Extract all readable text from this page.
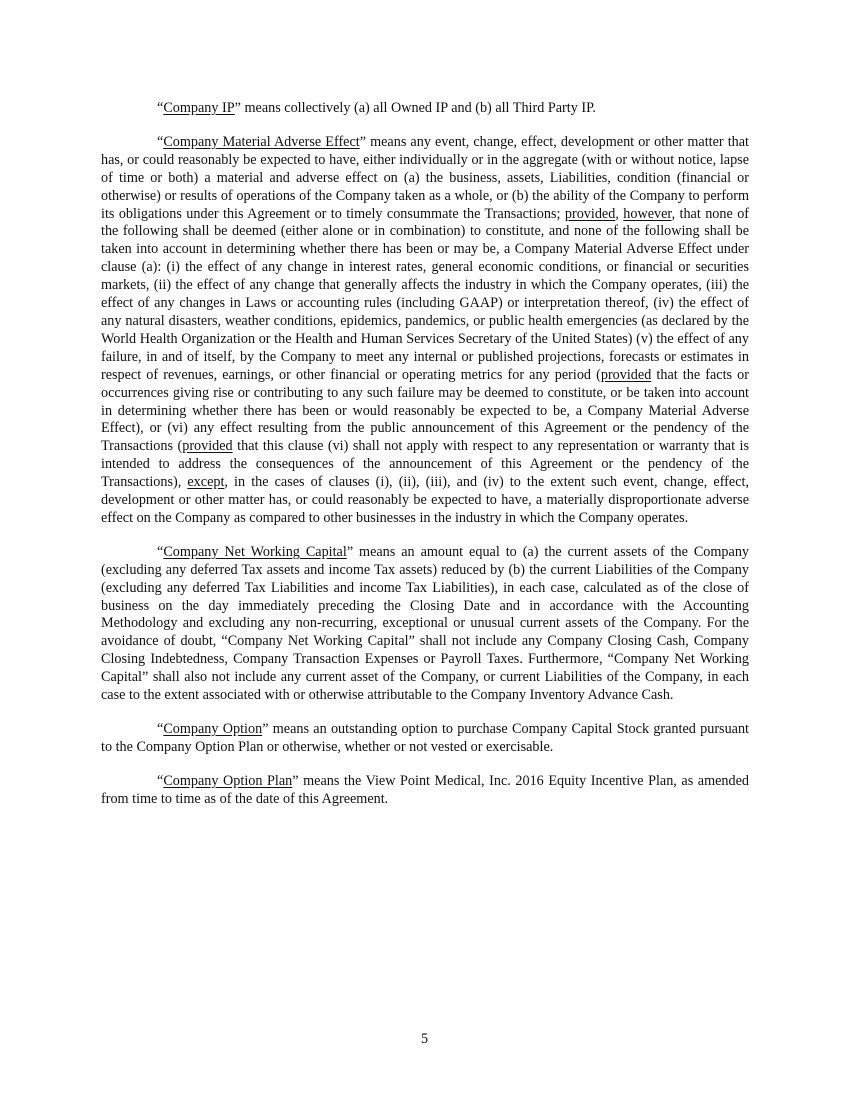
“Company IP” means collectively (a) all Owned IP and (b) all Third Party IP.

“Company Material Adverse Effect” means any event, change, effect, development or other matter that has, or could reasonably be expected to have, either individually or in the aggregate (with or without notice, lapse of time or both) a material and adverse effect on (a) the business, assets, Liabilities, condition (financial or otherwise) or results of operations of the Company taken as a whole, or (b) the ability of the Company to perform its obligations under this Agreement or to timely consummate the Transactions; provided, however, that none of the following shall be deemed (either alone or in combination) to constitute, and none of the following shall be taken into account in determining whether there has been or may be, a Company Material Adverse Effect under clause (a): (i) the effect of any change in interest rates, general economic conditions, or financial or securities markets, (ii) the effect of any change that generally affects the industry in which the Company operates, (iii) the effect of any changes in Laws or accounting rules (including GAAP) or interpretation thereof, (iv) the effect of any natural disasters, weather conditions, epidemics, pandemics, or public health emergencies (as declared by the World Health Organization or the Health and Human Services Secretary of the United States) (v) the effect of any failure, in and of itself, by the Company to meet any internal or published projections, forecasts or estimates in respect of revenues, earnings, or other financial or operating metrics for any period (provided that the facts or occurrences giving rise or contributing to any such failure may be deemed to constitute, or be taken into account in determining whether there has been or would reasonably be expected to be, a Company Material Adverse Effect), or (vi) any effect resulting from the public announcement of this Agreement or the pendency of the Transactions (provided that this clause (vi) shall not apply with respect to any representation or warranty that is intended to address the consequences of the announcement of this Agreement or the pendency of the Transactions), except, in the cases of clauses (i), (ii), (iii), and (iv) to the extent such event, change, effect, development or other matter has, or could reasonably be expected to have, a materially disproportionate adverse effect on the Company as compared to other businesses in the industry in which the Company operates.

“Company Net Working Capital” means an amount equal to (a) the current assets of the Company (excluding any deferred Tax assets and income Tax assets) reduced by (b) the current Liabilities of the Company (excluding any deferred Tax Liabilities and income Tax Liabilities), in each case, calculated as of the close of business on the day immediately preceding the Closing Date and in accordance with the Accounting Methodology and excluding any non-recurring, exceptional or unusual current assets of the Company. For the avoidance of doubt, “Company Net Working Capital” shall not include any Company Closing Cash, Company Closing Indebtedness, Company Transaction Expenses or Payroll Taxes. Furthermore, “Company Net Working Capital” shall also not include any current asset of the Company, or current Liabilities of the Company, in each case to the extent associated with or otherwise attributable to the Company Inventory Advance Cash.

“Company Option” means an outstanding option to purchase Company Capital Stock granted pursuant to the Company Option Plan or otherwise, whether or not vested or exercisable.

“Company Option Plan” means the View Point Medical, Inc. 2016 Equity Incentive Plan, as amended from time to time as of the date of this Agreement.

5
